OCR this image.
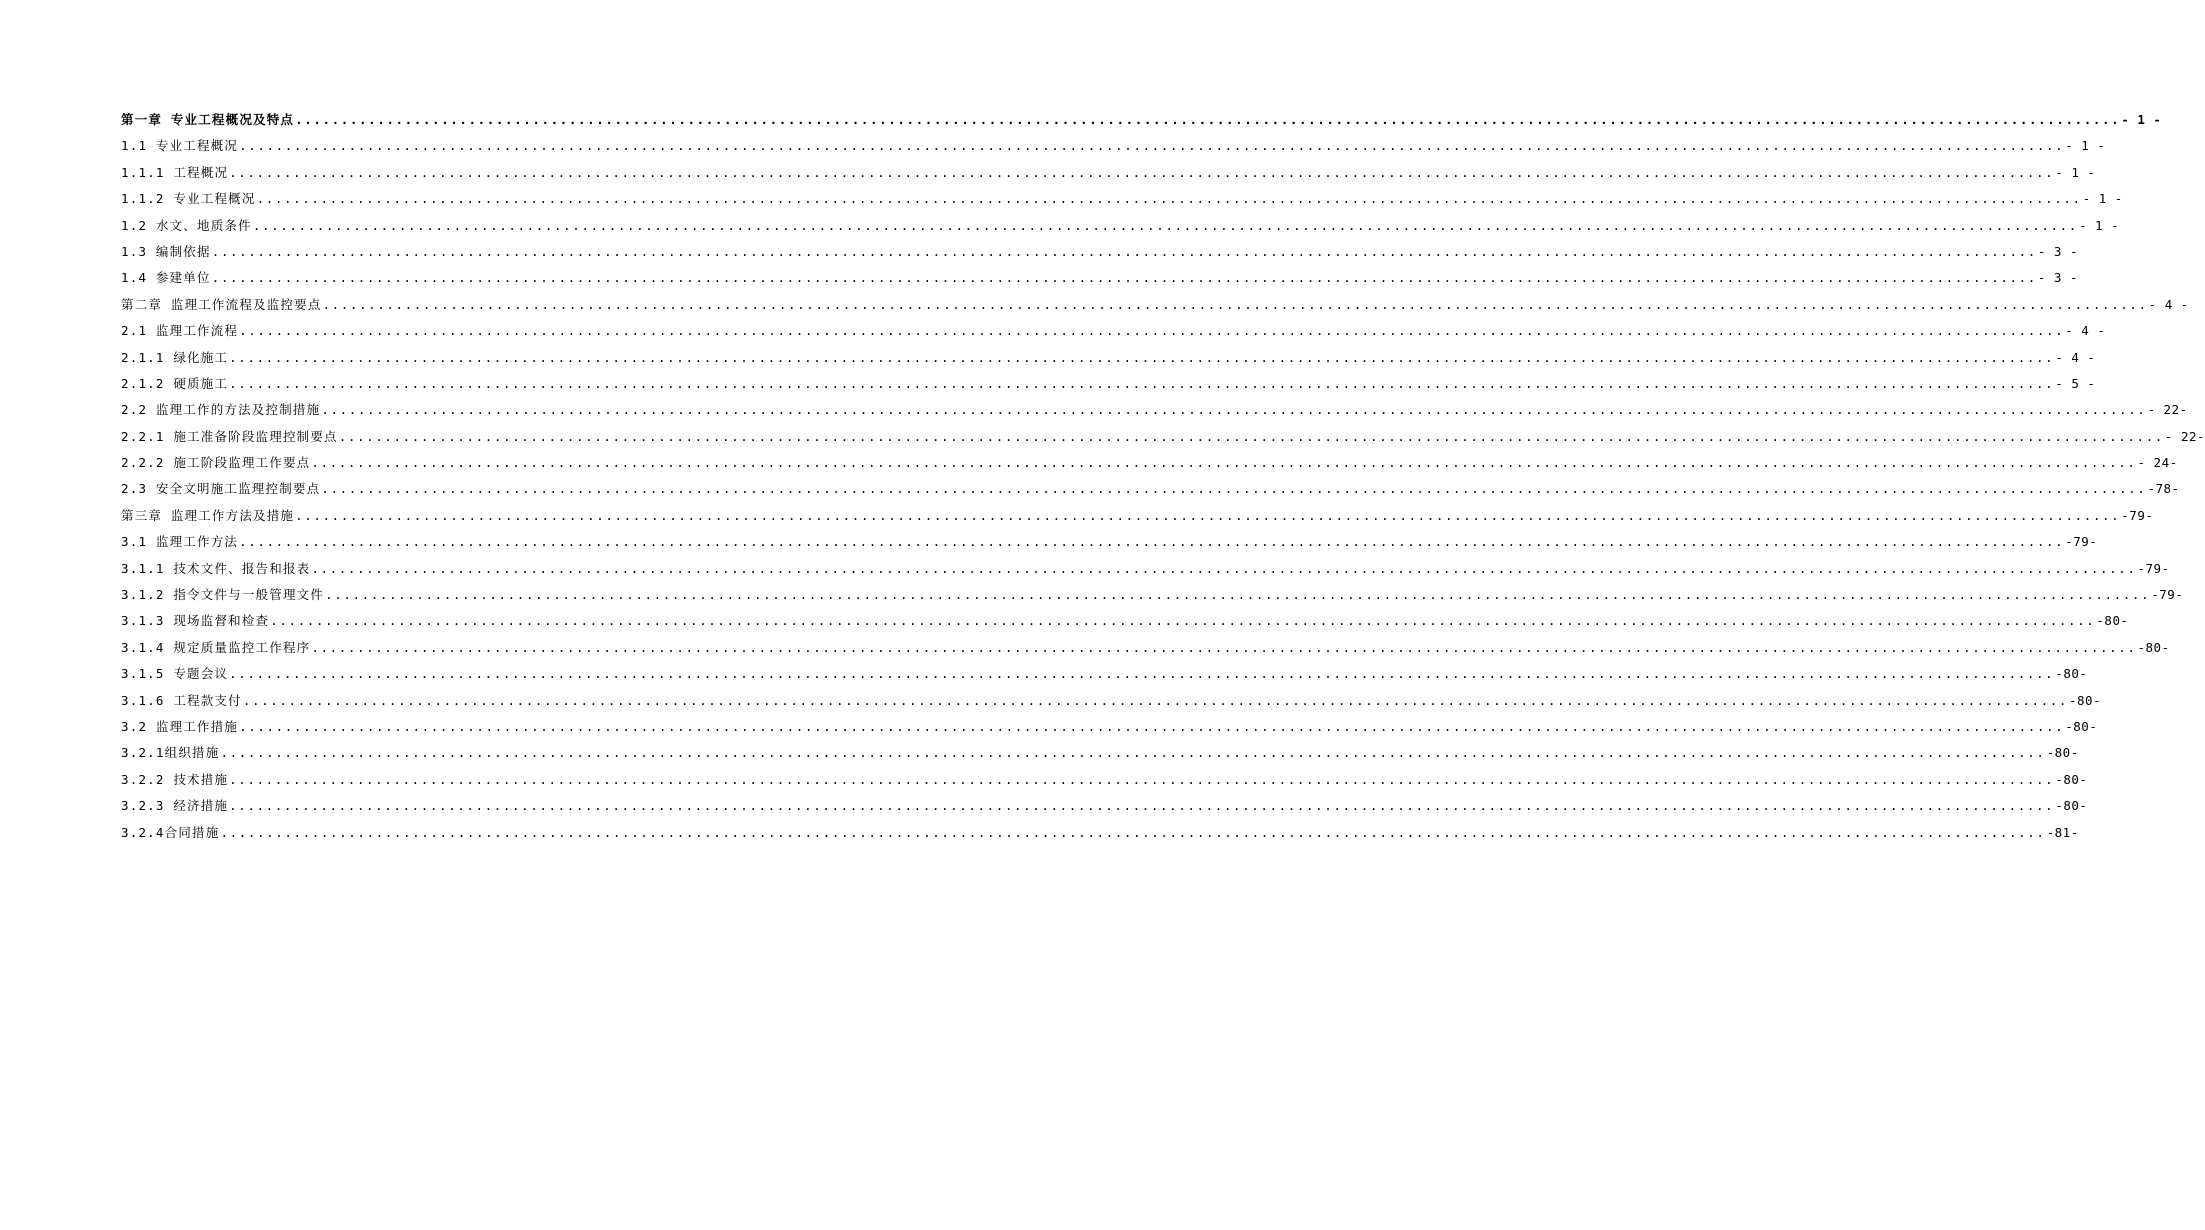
第一章 专业工程概况及特点 ........................................................................................................................................................................................................ - 1 -
1.1 专业工程概况 ........................................................................................................................................................................................................ - 1 -
1.1.1 工程概况 ........................................................................................................................................................................................................ - 1 -
1.1.2 专业工程概况 ........................................................................................................................................................................................................ - 1 -
1.2 水文、地质条件 ........................................................................................................................................................................................................ - 1 -
1.3 编制依据 ........................................................................................................................................................................................................ - 3 -
1.4 参建单位 ........................................................................................................................................................................................................ - 3 -
第二章 监理工作流程及监控要点 ........................................................................................................................................................................................................ - 4 -
2.1 监理工作流程 ........................................................................................................................................................................................................ - 4 -
2.1.1 绿化施工 ........................................................................................................................................................................................................ - 4 -
2.1.2 硬质施工 ........................................................................................................................................................................................................ - 5 -
2.2 监理工作的方法及控制措施 ........................................................................................................................................................................................................ - 22-
2.2.1 施工准备阶段监理控制要点 ........................................................................................................................................................................................................ - 22-
2.2.2 施工阶段监理工作要点 ........................................................................................................................................................................................................ - 24-
2.3 安全文明施工监理控制要点 ........................................................................................................................................................................................................ -78-
第三章 监理工作方法及措施 ........................................................................................................................................................................................................ -79-
3.1 监理工作方法 ........................................................................................................................................................................................................ -79-
3.1.1 技术文件、报告和报表 ........................................................................................................................................................................................................ -79-
3.1.2 指令文件与一般管理文件 ........................................................................................................................................................................................................ -79-
3.1.3 现场监督和检查 ........................................................................................................................................................................................................ -80-
3.1.4 规定质量监控工作程序 ........................................................................................................................................................................................................ -80-
3.1.5 专题会议 ........................................................................................................................................................................................................ -80-
3.1.6 工程款支付 ........................................................................................................................................................................................................ -80-
3.2 监理工作措施 ........................................................................................................................................................................................................ -80-
3.2.1组织措施 ........................................................................................................................................................................................................ -80-
3.2.2 技术措施 ........................................................................................................................................................................................................ -80-
3.2.3 经济措施 ........................................................................................................................................................................................................ -80-
3.2.4合同措施 ........................................................................................................................................................................................................ -81-
